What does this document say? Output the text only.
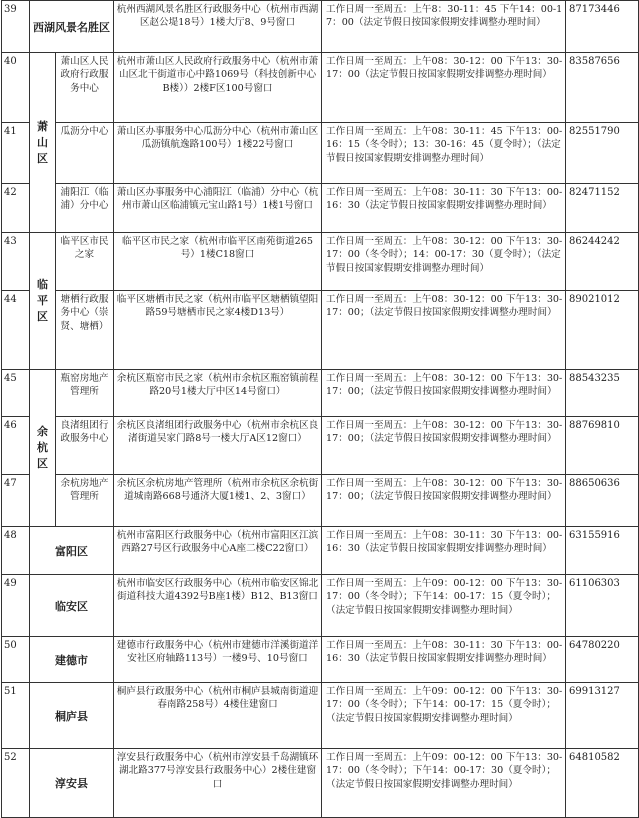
39	西湖风景名胜区		杭州西湖风景名胜区行政服务中心（杭州市西湖区赵公堤18号）1楼大厅8、9号窗口	工作日周一至周五：上午8：30-11：45 下午14：00-17：00（法定节假日按国家假期安排调整办理时间）	87173446
40	萧山区	萧山区人民政府行政服务中心	杭州市萧山区人民政府行政服务中心（杭州市萧山区北干街道市心中路1069号（科技创新中心B楼））2楼F区100号窗口	工作日周一至周五：上午08：30-12：00 下午13：30-17：00（法定节假日按国家假期安排调整办理时间）	83587656
41		瓜沥分中心	萧山区办事服务中心瓜沥分中心（杭州市萧山区瓜沥镇航逸路100号）1楼22号窗口	工作日周一至周五：上午08：30-11：45 下午13：00-16：15（冬令时）；13：30-16：45（夏令时）；（法定节假日按国家假期安排调整办理时间）	82551790
42		浦阳江（临浦）分中心	萧山区办事服务中心浦阳江（临浦）分中心（杭州市萧山区临浦镇元宝山路1号）1楼1号窗口	工作日周一至周五：上午08：30-11：30 下午13：00-16：30（法定节假日按国家假期安排调整办理时间）	82471152
43	临平区	临平区市民之家	临平区市民之家（杭州市临平区南苑街道265号）1楼C18窗口	工作日周一至周五：上午08：30-12：00 下午13：30-17：00（冬令时）；14：00-17：30（夏令时）；（法定节假日按国家假期安排调整办理时间）	86244242
44		塘栖行政服务中心（崇贤、塘栖）	临平区塘栖市民之家（杭州市临平区塘栖镇望阳路59号塘栖市民之家4楼D13号）	工作日周一至周五：上午08：30-12：00 下午13：30-17：00；（法定节假日按国家假期安排调整办理时间）	89021012
45	余杭区	瓶窑房地产管理所	余杭区瓶窑市民之家（杭州市余杭区瓶窑镇前程路20号1楼大厅中区14号窗口）	工作日周一至周五：上午08：30-12：00 下午13：30-17：00；（法定节假日按国家假期安排调整办理时间）	88543235
46		良渚组团行政服务中心	余杭区良渚组团行政服务中心（杭州市余杭区良渚街道吴家门路8号一楼大厅A区12窗口）	工作日周一至周五：上午08：30-12：00 下午13：30-17：00；（法定节假日按国家假期安排调整办理时间）	88769810
47		余杭房地产管理所	余杭区余杭房地产管理所（杭州市余杭区余杭街道城南路668号通济大厦1楼1、2、3窗口）	工作日周一至周五：上午08：30-12：00 下午13：30-17：00；（法定节假日按国家假期安排调整办理时间）	88650636
48	富阳区		杭州市富阳区行政服务中心（杭州市富阳区江滨西路27号区行政服务中心A座二楼C22窗口）	工作日周一至周五：上午08：30-11：30 下午13：00-16：30（法定节假日按国家假期安排调整办理时间）	63155916
49	临安区		杭州市临安区行政服务中心（杭州市临安区锦北街道科技大道4392号B座1楼）B12、B13窗口	工作日周一至周五：上午09：00-12：00 下午13：30-17：00（冬令时）；下午14：00-17：15（夏令时）；（法定节假日按国家假期安排调整办理时间）	61106303
50	建德市		建德市行政服务中心（杭州市建德市洋溪街道洋安社区府轴路113号）一楼9号、10号窗口	工作日周一至周五：上午08：30-11：30 下午13：00-16：30（法定节假日按国家假期安排调整办理时间）	64780220
51	桐庐县		桐庐县行政服务中心（杭州市桐庐县城南街道迎春南路258号）4楼住建窗口	工作日周一至周五：上午09：00-12：00 下午13：30-17：00（冬令时）；下午14：00-17：15（夏令时）；（法定节假日按国家假期安排调整办理时间）	69913127
52	淳安县		淳安县行政服务中心（杭州市淳安县千岛湖镇环湖北路377号淳安县行政服务中心）2楼住建窗口	工作日周一至周五：上午09：00-12：00 下午13：30-17：00（冬令时）；下午14：00-17：30（夏令时）；（法定节假日按国家假期安排调整办理时间）	64810582
